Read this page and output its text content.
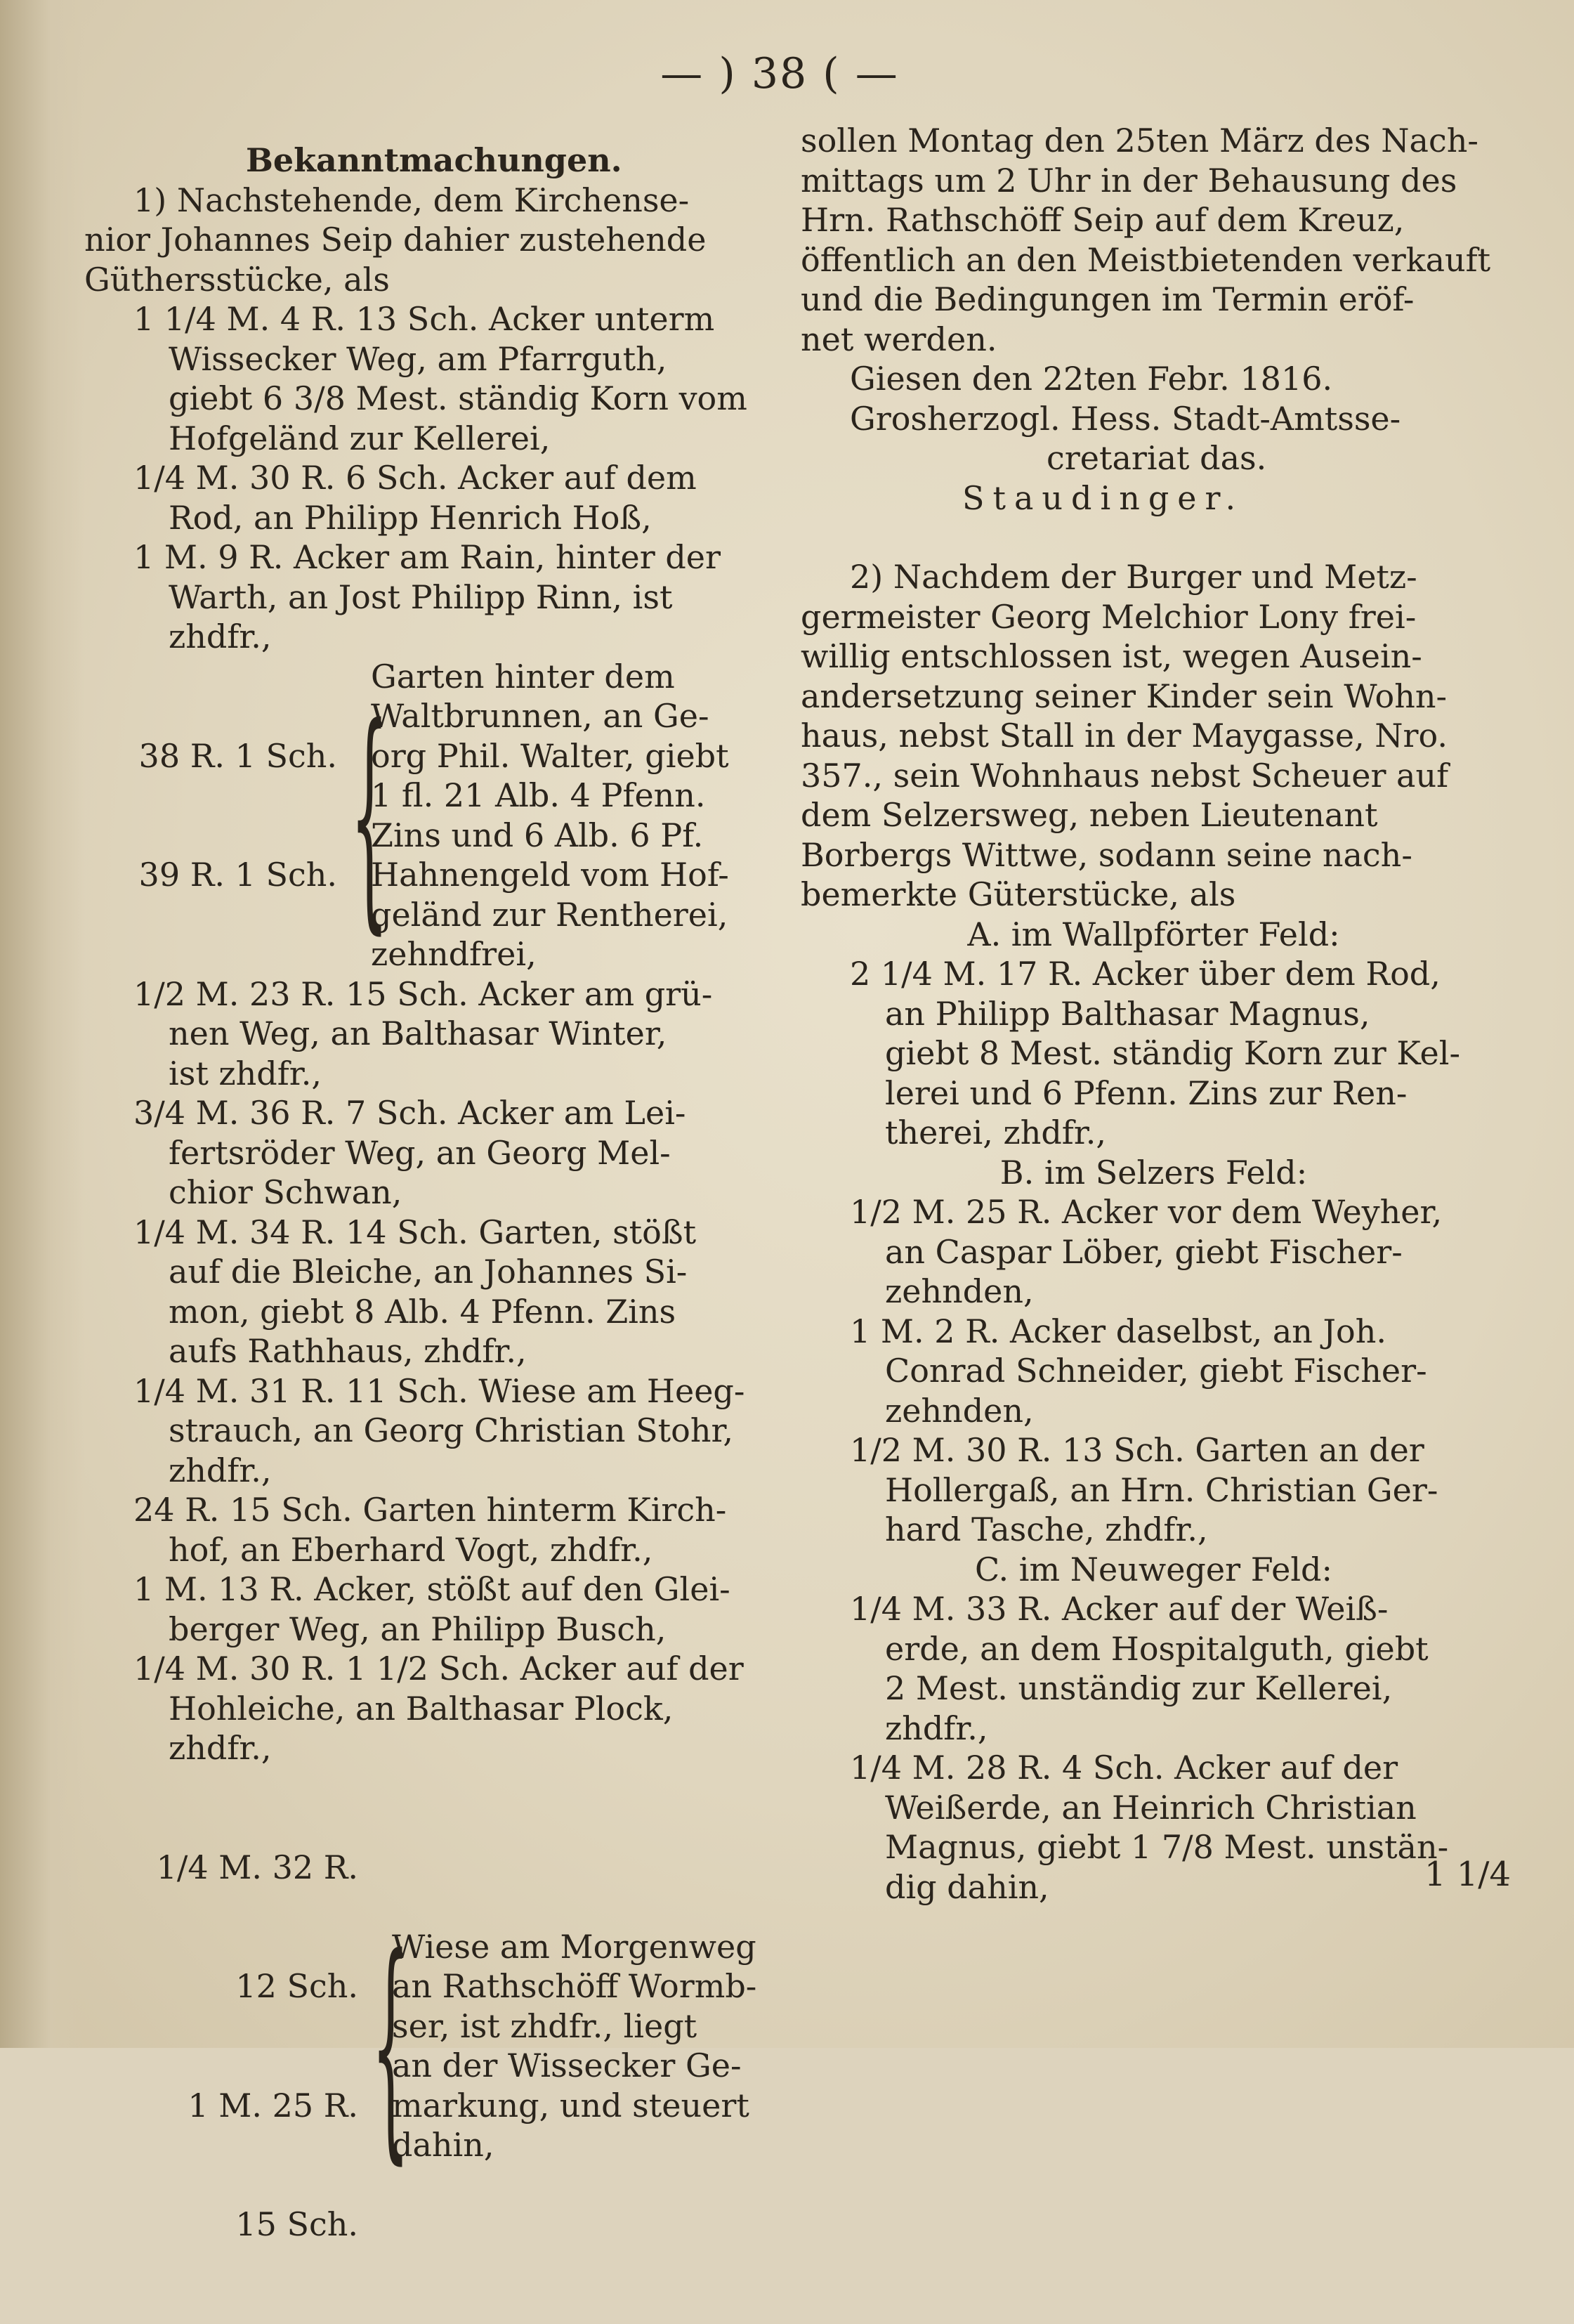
— ) 38 ( —
Bekanntmachungen.
1) Nachstehende, dem Kirchense-
nior Johannes Seip dahier zustehende
Güthersstücke, als
1 1/4 M. 4 R. 13 Sch. Acker unterm
Wissecker Weg, am Pfarrguth,
giebt 6 3/8 Mest. ständig Korn vom
Hofgeländ zur Kellerei,
1/4 M. 30 R. 6 Sch. Acker auf dem
Rod, an Philipp Henrich Hoß,
1 M. 9 R. Acker am Rain, hinter der
Warth, an Jost Philipp Rinn, ist
zhdfr.,

38 R. 1 Sch.

39 R. 1 Sch.

{
Garten hinter dem
Waltbrunnen, an Ge-
org Phil. Walter, giebt
1 fl. 21 Alb. 4 Pfenn.
Zins und 6 Alb. 6 Pf.
Hahnengeld vom Hof-
geländ zur Rentherei,
zehndfrei,
1/2 M. 23 R. 15 Sch. Acker am grü-
nen Weg, an Balthasar Winter,
ist zhdfr.,
3/4 M. 36 R. 7 Sch. Acker am Lei-
fertsröder Weg, an Georg Mel-
chior Schwan,
1/4 M. 34 R. 14 Sch. Garten, stößt
auf die Bleiche, an Johannes Si-
mon, giebt 8 Alb. 4 Pfenn. Zins
aufs Rathhaus, zhdfr.,
1/4 M. 31 R. 11 Sch. Wiese am Heeg-
strauch, an Georg Christian Stohr,
zhdfr.,
24 R. 15 Sch. Garten hinterm Kirch-
hof, an Eberhard Vogt, zhdfr.,
1 M. 13 R. Acker, stößt auf den Glei-
berger Weg, an Philipp Busch,
1/4 M. 30 R. 1 1/2 Sch. Acker auf der
Hohleiche, an Balthasar Plock,
zhdfr.,

1/4 M. 32 R.

12 Sch.

1 M. 25 R.

15 Sch.

{
Wiese am Morgenweg
an Rathschöff Wormb-
ser, ist zhdfr., liegt
an der Wissecker Ge-
markung, und steuert
dahin,
sollen Montag den 25ten März des Nach-
mittags um 2 Uhr in der Behausung des
Hrn. Rathschöff Seip auf dem Kreuz,
öffentlich an den Meistbietenden verkauft
und die Bedingungen im Termin eröf-
net werden.
Giesen den 22ten Febr. 1816.
Grosherzogl. Hess. Stadt-Amtsse-
cretariat das.
Staudinger.
2) Nachdem der Burger und Metz-
germeister Georg Melchior Lony frei-
willig entschlossen ist, wegen Ausein-
andersetzung seiner Kinder sein Wohn-
haus, nebst Stall in der Maygasse, Nro.
357., sein Wohnhaus nebst Scheuer auf
dem Selzersweg, neben Lieutenant
Borbergs Wittwe, sodann seine nach-
bemerkte Güterstücke, als
A. im Wallpförter Feld:
2 1/4 M. 17 R. Acker über dem Rod,
an Philipp Balthasar Magnus,
giebt 8 Mest. ständig Korn zur Kel-
lerei und 6 Pfenn. Zins zur Ren-
therei, zhdfr.,
B. im Selzers Feld:
1/2 M. 25 R. Acker vor dem Weyher,
an Caspar Löber, giebt Fischer-
zehnden,
1 M. 2 R. Acker daselbst, an Joh.
Conrad Schneider, giebt Fischer-
zehnden,
1/2 M. 30 R. 13 Sch. Garten an der
Hollergaß, an Hrn. Christian Ger-
hard Tasche, zhdfr.,
C. im Neuweger Feld:
1/4 M. 33 R. Acker auf der Weiß-
erde, an dem Hospitalguth, giebt
2 Mest. unständig zur Kellerei,
zhdfr.,
1/4 M. 28 R. 4 Sch. Acker auf der
Weißerde, an Heinrich Christian
Magnus, giebt 1 7/8 Mest. unstän-
dig dahin,	1 1/4
